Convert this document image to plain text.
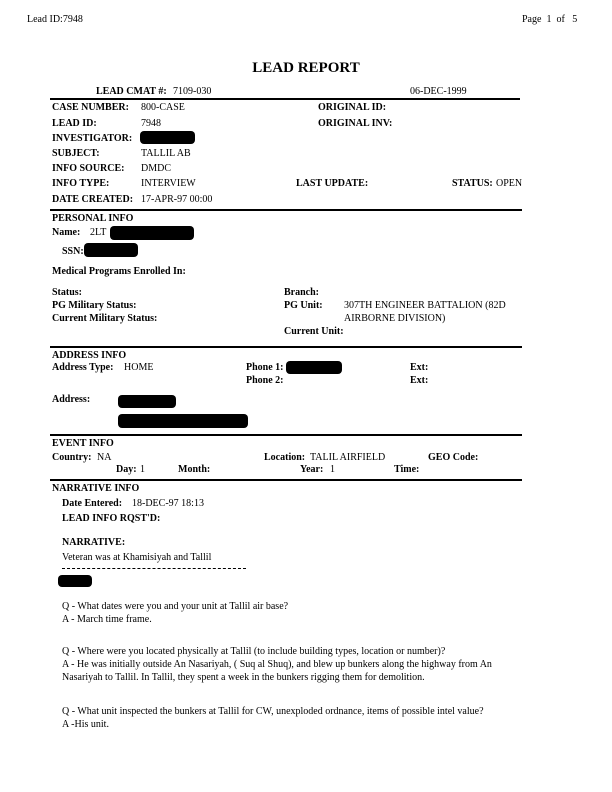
Lead ID:7948	Page 1 of 5
LEAD REPORT
LEAD CMAT #: 7109-030	06-DEC-1999
CASE NUMBER: 800-CASE	ORIGINAL ID:
LEAD ID:	7948	ORIGINAL INV:
INVESTIGATOR:
SUBJECT:	TALLIL AB
INFO SOURCE: DMDC
INFO TYPE:	INTERVIEW	LAST UPDATE:	STATUS: OPEN
DATE CREATED: 17-APR-97 00:00
PERSONAL INFO
Name: 2LT
SSN:
Medical Programs Enrolled In:
Status:	Branch:
PG Military Status:	PG Unit: 307TH ENGINEER BATTALION (82D
AIRBORNE DIVISION)
Current Military Status:
Current Unit:
ADDRESS INFO
Address Type: HOME	Phone 1:	Ext:
Phone 2:	Ext:
Address:
EVENT INFO
Country: NA	Location: TALIL AIRFIELD	GEO Code:
Day: 1	Month:	Year: 1	Time:
NARRATIVE INFO
Date Entered: 18-DEC-97 18:13
LEAD INFO RQST'D:
NARRATIVE:
Veteran was at Khamisiyah and Tallil
Q - What dates were you and your unit at Tallil air base?
A - March time frame.
Q - Where were you located physically at Tallil (to include building types, location or number)?
A - He was initially outside An Nasariyah, ( Suq al Shuq), and blew up bunkers along the highway from An
Nasariyah to Tallil. In Tallil, they spent a week in the bunkers rigging them for demolition.
Q - What unit inspected the bunkers at Tallil for CW, unexploded ordnance, items of possible intel value?
A -His unit.
